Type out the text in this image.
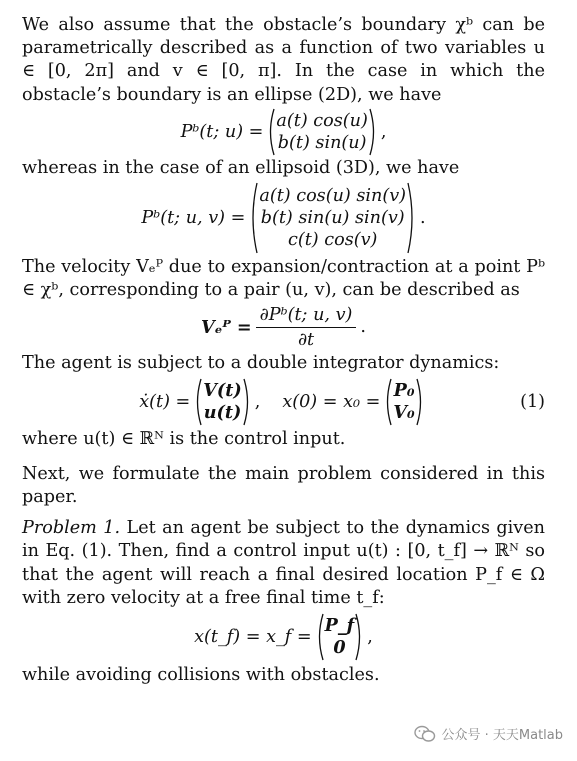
We also assume that the obstacle’s boundary χᵇ can be parametrically described as a function of two variables u ∈ [0, 2π] and v ∈ [0, π]. In the case in which the obstacle’s boundary is an ellipse (2D), we have

Pᵇ(t; u) =
a(t) cos(u)
b(t) sin(u)
,

whereas in the case of an ellipsoid (3D), we have

Pᵇ(t; u, v) =
a(t) cos(u) sin(v)
b(t) sin(u) sin(v)
c(t) cos(v)
.

The velocity Vₑᴾ due to expansion/contraction at a point Pᵇ ∈ χᵇ, corresponding to a pair (u, v), can be described as

Vₑᴾ = $\frac{\text{∂Pᵇ(t; u, v)}}{\partial t}$ .

The agent is subject to a double integrator dynamics:

ẋ(t) =
V(t)
u(t) , x(0) = x₀ =
P₀
V₀	(1)

where u(t) ∈ ℝᴺ is the control input.

Next, we formulate the main problem considered in this paper.

Problem 1. Let an agent be subject to the dynamics given in Eq. (1). Then, find a control input u(t) : [0, t_f] → ℝᴺ so that the agent will reach a final desired location P_f ∈ Ω with zero velocity at a free final time t_f:

x(t_f) = x_f =
P_f
0	,

while avoiding collisions with obstacles.

公众号 · 天天Matlab
